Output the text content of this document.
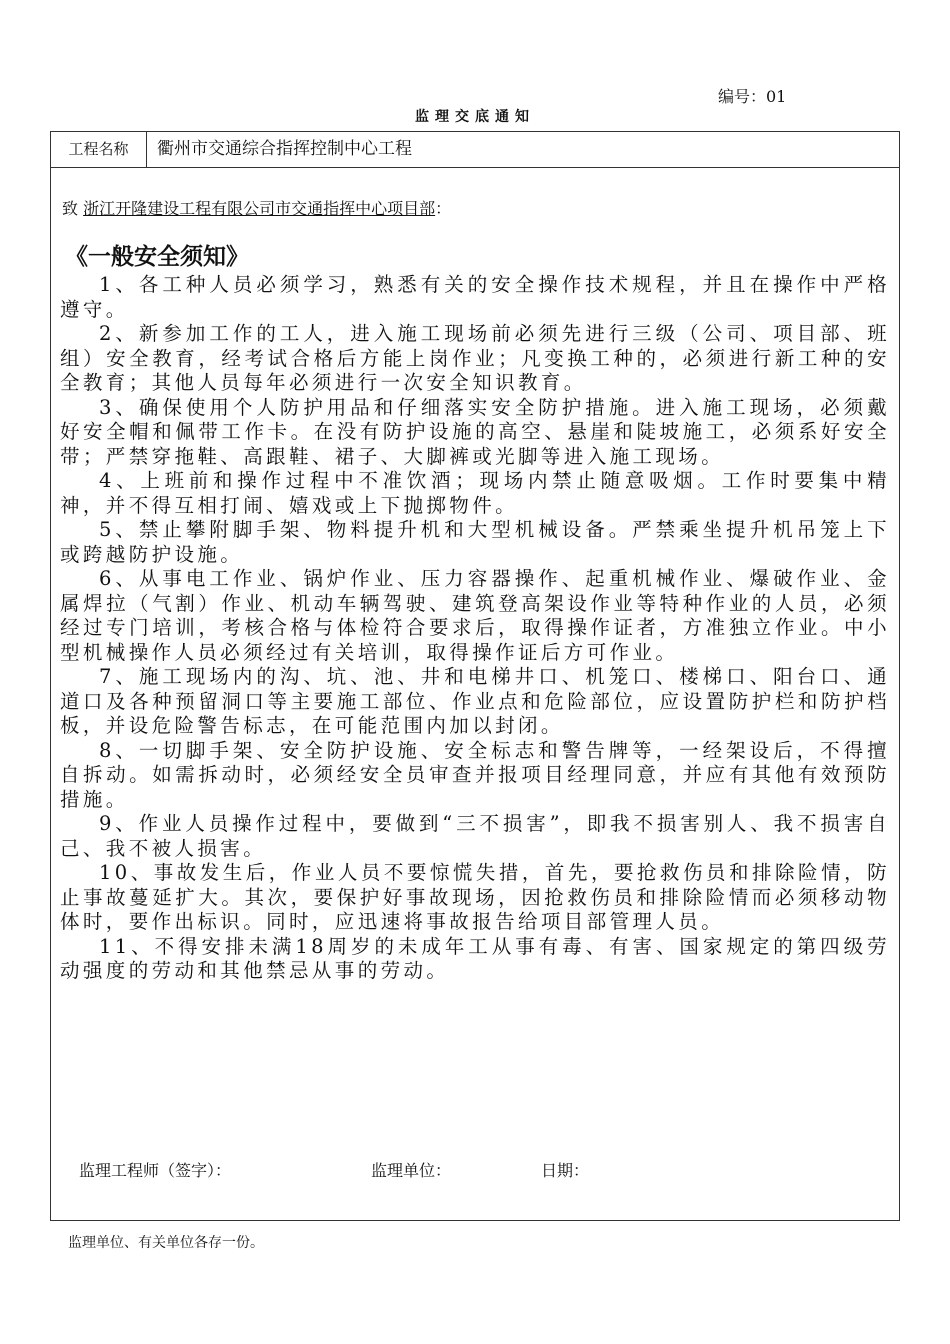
编号：01
监理交底通知
工程名称	衢州市交通综合指挥控制中心工程
致 浙江开隆建设工程有限公司市交通指挥中心项目部：
《一般安全须知》

1、各工种人员必须学习，熟悉有关的安全操作技术规程，并且在操作中严格遵守。

2、新参加工作的工人，进入施工现场前必须先进行三级（公司、项目部、班组）安全教育，经考试合格后方能上岗作业；凡变换工种的，必须进行新工种的安全教育；其他人员每年必须进行一次安全知识教育。

3、确保使用个人防护用品和仔细落实安全防护措施。进入施工现场，必须戴好安全帽和佩带工作卡。在没有防护设施的高空、悬崖和陡坡施工，必须系好安全带；严禁穿拖鞋、高跟鞋、裙子、大脚裤或光脚等进入施工现场。

4、上班前和操作过程中不准饮酒；现场内禁止随意吸烟。工作时要集中精神，并不得互相打闹、嬉戏或上下抛掷物件。

5、禁止攀附脚手架、物料提升机和大型机械设备。严禁乘坐提升机吊笼上下或跨越防护设施。

6、从事电工作业、锅炉作业、压力容器操作、起重机械作业、爆破作业、金属焊拉（气割）作业、机动车辆驾驶、建筑登高架设作业等特种作业的人员，必须经过专门培训，考核合格与体检符合要求后，取得操作证者，方准独立作业。中小型机械操作人员必须经过有关培训，取得操作证后方可作业。

7、施工现场内的沟、坑、池、井和电梯井口、机笼口、楼梯口、阳台口、通道口及各种预留洞口等主要施工部位、作业点和危险部位，应设置防护栏和防护档板，并设危险警告标志，在可能范围内加以封闭。

8、一切脚手架、安全防护设施、安全标志和警告牌等，一经架设后，不得擅自拆动。如需拆动时，必须经安全员审查并报项目经理同意，并应有其他有效预防措施。

9、作业人员操作过程中，要做到“三不损害”，即我不损害别人、我不损害自己、我不被人损害。

10、事故发生后，作业人员不要惊慌失措，首先，要抢救伤员和排除险情，防止事故蔓延扩大。其次，要保护好事故现场，因抢救伤员和排除险情而必须移动物体时，要作出标识。同时，应迅速将事故报告给项目部管理人员。

11、不得安排未满18周岁的未成年工从事有毒、有害、国家规定的第四级劳动强度的劳动和其他禁忌从事的劳动。

监理工程师（签字）：	监理单位：	日期：
监理单位、有关单位各存一份。
